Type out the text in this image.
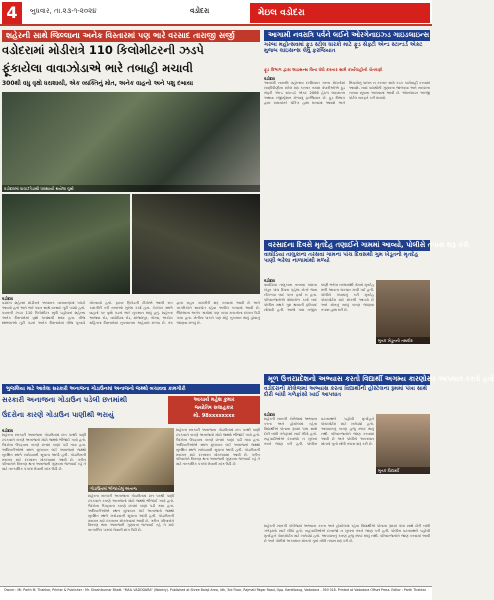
4	બુધવાર, તા.૨૩-૧-૨૦૨૪	વડોદરા	મેઇલ વડોદરા
શહેરની સાથે જિલ્લાના અનેક વિસ્તારમાં પણ ભારે વરસાદ તારાજી સર્જી
વડોદરામાં મોડીરાત્રે 110 કિલોમીટરની ઝડપે
ફૂંકાયેલા વાવાઝોડાએ ભારે તબાહી મચાવી
300થી વધુ વૃક્ષો ધરાશાયી, એક વ્યક્તિનું મોત, અનેક વાહનો અને પશુ દબાયા
વડોદરામાં વાવાઝોડાથી ધરાશાયી થયેલા વૃક્ષો
વડોદરા
વડોદરા શહેરમાં મોડીરાત્રે અચાનક વાતાવરણમાં પલટો આવ્યો હતો અને ભારે પવન સાથે વરસાદ તૂટી પડ્યો હતો. પવનની ઝડપ 110 કિલોમીટર સુધી પહોંચતાં શહેરના અનેક વિસ્તારોમાં વૃક્ષો ધરાશાયી થયા હતા. વીજ થાંભલાઓ તૂટી પડતાં અનેક વિસ્તારોમાં વીજ પુરવઠો ખોરવાયો હતો. ફાયર બ્રિગેડની ટીમોએ આખી રાત કામગીરી કરી રસ્તાઓ ખુલ્લા કર્યા હતા. કેટલાક સ્થળે વાહનો પર વૃક્ષો પડતાં ભારે નુકસાન થયું હતું. શહેરના આજવા રોડ, વાઘોડિયા રોડ, માંજલપુર, ગોરવા, અકોટા સહિતના વિસ્તારોમાં નુકસાનના અહેવાલ મળ્યા છે. તંત્ર દ્વારા રાહત કામગીરી શરૂ કરવામાં આવી છે અને નાગરિકોને સાવચેત રહેવા અપીલ કરવામાં આવી છે. જિલ્લાના અનેક ગામોમાં પણ કાચા મકાનોના છાપરા ઉડી ગયા હતા. ખેતીના પાકને પણ મોટું નુકસાન થયું હોવાનું જાણવા મળ્યું છે.
આગામી નવરાત્રિ પર્વને લઈને ઓરગેનાઇઝ્ડ ગાઇડલાઇન્સ
ગરબા મહોત્સવમાં ફૂડ સ્ટોલ ધારકો માટે ફૂડ સેફ્ટી એન્ડ સ્ટાન્ડર્ડ એક્ટ મુજબ લાઇસન્સ લેવું ફરજિયાત
ફૂડ વિભાગ દ્વારા લાઇસન્સ વિના ધંધો કરનાર સામે કાર્યવાહીની ચેતવણી
વડોદરા
આગામી નવરાત્રિ મહોત્સવ દરમિયાન ગરબા મેદાનોમાં ખાણીપીણીના સ્ટોલ શરૂ કરનાર તમામ વેપારીઓએ ફૂડ સેફ્ટી એન્ડ સ્ટાન્ડર્ડ એક્ટ 2006 હેઠળ લાઇસન્સ અથવા રજીસ્ટ્રેશન મેળવવું ફરજિયાત છે. ફૂડ વિભાગ દ્વારા સમયાંતરે ચેકિંગ હાથ ધરવામાં આવશે અને નિયમોનું પાલન ન કરનાર સામે કડક કાર્યવાહી કરવામાં આવશે. ખાદ્ય પદાર્થોની ગુણવત્તા જાળવવા અને સ્વચ્છતા રાખવા સૂચના આપવામાં આવી છે. ઓનલાઇન અરજી પોર્ટલ મારફતે કરી શકાશે.
વરસાદના દિવસે મૃતદેહ તણાઈને ગામમાં આવ્યો, પોલીસે તપાસ શરૂ કરી
વાઘોડિયા તાલુકાના તરસવા ગામના પાંચ દિવસથી ગુમ ખેડૂતનો મૃતદેહ પાણી ભરેલા નાળામાંથી મળ્યો
વડોદરા
વાઘોડિયા તાલુકાના તરસવા ગામના ખેડૂત પાંચ દિવસ પહેલા ખેતરે જવા નીકળ્યા બાદ પરત ફર્યા ન હતા. પરિવારજનોએ શોધખોળ કર્યા બાદ પોલીસ મથકે ગુમ થયાની ફરિયાદ નોંધાવી હતી. આજે ગામ નજીક પાણી ભરેલા નાળામાંથી તેમનો મૃતદેહ મળી આવતા ચકચાર મચી ગઈ હતી. પોલીસે પંચનામું કરી મૃતદેહ પોસ્ટમોર્ટમ માટે મોકલી આપ્યો છે અને મોતનું સાચું કારણ જાણવા તપાસ હાથ ધરી છે.
મૃતક ખેડૂતની તસવીર
મૂળ ઉત્તરપ્રદેશનો અભ્યાસ કરતો વિદ્યાર્થી અગમ્ય કારણોસર આપઘાત કરતો હતો
વડોદરાની કોલેજમાં અભ્યાસ કરતા વિદ્યાર્થીની હોસ્ટેલના રૂમમાં પંખા સાથે દોરી બાંધી ગળેફાંસો ખાઈ આપઘાત
વડોદરા
શહેરની ખાનગી કોલેજમાં અભ્યાસ કરતા અને હોસ્ટેલમાં રહેતા વિદ્યાર્થીએ પોતાના રૂમમાં પંખા સાથે દોરી બાંધી ગળેફાંસો ખાઈ લીધો હતો. સહપાઠીઓએ દરવાજો ન ખુલતાં તંત્રને જાણ કરી હતી. પોલીસ ઘટનાસ્થળે પહોંચી મૃતદેહને પોસ્ટમોર્ટમ માટે ખસેડ્યો હતો. આપઘાતનું કારણ હજુ સ્પષ્ટ થયું નથી. પરિવારજનોને જાણ કરવામાં આવી છે અને પોલીસે અકસ્માત મોતનો ગુનો નોંધી તપાસ શરૂ કરી છે.
મૃતક વિદ્યાર્થી
શહેરની ખાનગી કોલેજમાં અભ્યાસ કરતા અને હોસ્ટેલમાં રહેતા વિદ્યાર્થીએ પોતાના રૂમમાં પંખા સાથે દોરી બાંધી ગળેફાંસો ખાઈ લીધો હતો. સહપાઠીઓએ દરવાજો ન ખુલતાં તંત્રને જાણ કરી હતી. પોલીસ ઘટનાસ્થળે પહોંચી મૃતદેહને પોસ્ટમોર્ટમ માટે ખસેડ્યો હતો. આપઘાતનું કારણ હજુ સ્પષ્ટ થયું નથી. પરિવારજનોને જાણ કરવામાં આવી છે અને પોલીસે અકસ્માત મોતનો ગુનો નોંધી તપાસ શરૂ કરી છે.
ભુજલિયા માટે આવેલા સરકારી અનાજના ગોડાઉનમાં અનાજનો જથ્થો બચાવવા કામગીરી
સરકારી અનાજના ગોડાઉન પડેલી છતમાંથી
ઉંદરોના કારણે ગોડાઉન પાણીથી ભરાયું
આચાર્ય મહેશ કુમાર
જ્યોતિષ સલાહકાર
મો. 98xxxxxxxx
વડોદરા
શહેરના સરકારી અનાજના ગોડાઉનમાં છત પરથી પાણી ટપકવાને કારણે અનાજનો મોટો જથ્થો ભીંજાઈ ગયો હતો. ઉંદરોના ઉપદ્રવના કારણે છતમાં કાણાં પડી ગયા હતા. અધિકારીઓએ સ્થળ મુલાકાત લઈ અનાજનો જથ્થો સુરક્ષિત સ્થળે ખસેડવાની સૂચના આપી હતી. ગોડાઉનની મરામત માટે દરખાસ્ત મોકલવામાં આવી છે. ગરીબ પરિવારોને વિતરણ થતા અનાજની ગુણવત્તા જળવાઈ રહે તે માટે તાત્કાલિક પગલાં લેવાની માંગ ઉઠી છે.
ગોડાઉનમાં ભીંજાયેલું અનાજ
શહેરના સરકારી અનાજના ગોડાઉનમાં છત પરથી પાણી ટપકવાને કારણે અનાજનો મોટો જથ્થો ભીંજાઈ ગયો હતો. ઉંદરોના ઉપદ્રવના કારણે છતમાં કાણાં પડી ગયા હતા. અધિકારીઓએ સ્થળ મુલાકાત લઈ અનાજનો જથ્થો સુરક્ષિત સ્થળે ખસેડવાની સૂચના આપી હતી. ગોડાઉનની મરામત માટે દરખાસ્ત મોકલવામાં આવી છે. ગરીબ પરિવારોને વિતરણ થતા અનાજની ગુણવત્તા જળવાઈ રહે તે માટે તાત્કાલિક પગલાં લેવાની માંગ ઉઠી છે.
શહેરના સરકારી અનાજના ગોડાઉનમાં છત પરથી પાણી ટપકવાને કારણે અનાજનો મોટો જથ્થો ભીંજાઈ ગયો હતો. ઉંદરોના ઉપદ્રવના કારણે છતમાં કાણાં પડી ગયા હતા. અધિકારીઓએ સ્થળ મુલાકાત લઈ અનાજનો જથ્થો સુરક્ષિત સ્થળે ખસેડવાની સૂચના આપી હતી. ગોડાઉનની મરામત માટે દરખાસ્ત મોકલવામાં આવી છે. ગરીબ પરિવારોને વિતરણ થતા અનાજની ગુણવત્તા જળવાઈ રહે તે માટે તાત્કાલિક પગલાં લેવાની માંગ ઉઠી છે.
Owner : Mr. Parth M. Thakkar, Printer & Publisher : Mr. Shashikumar Bhatt. "MAIL VADODARA" (Weekly). Published at Shree Balaji Area, 4th, 3rd Floor, Rajmati Pagar Road, Opp. Karelibaug, Vadodara - 390 018. Printed at Vadodara Offset Press. Editor : Parth Thakkar
